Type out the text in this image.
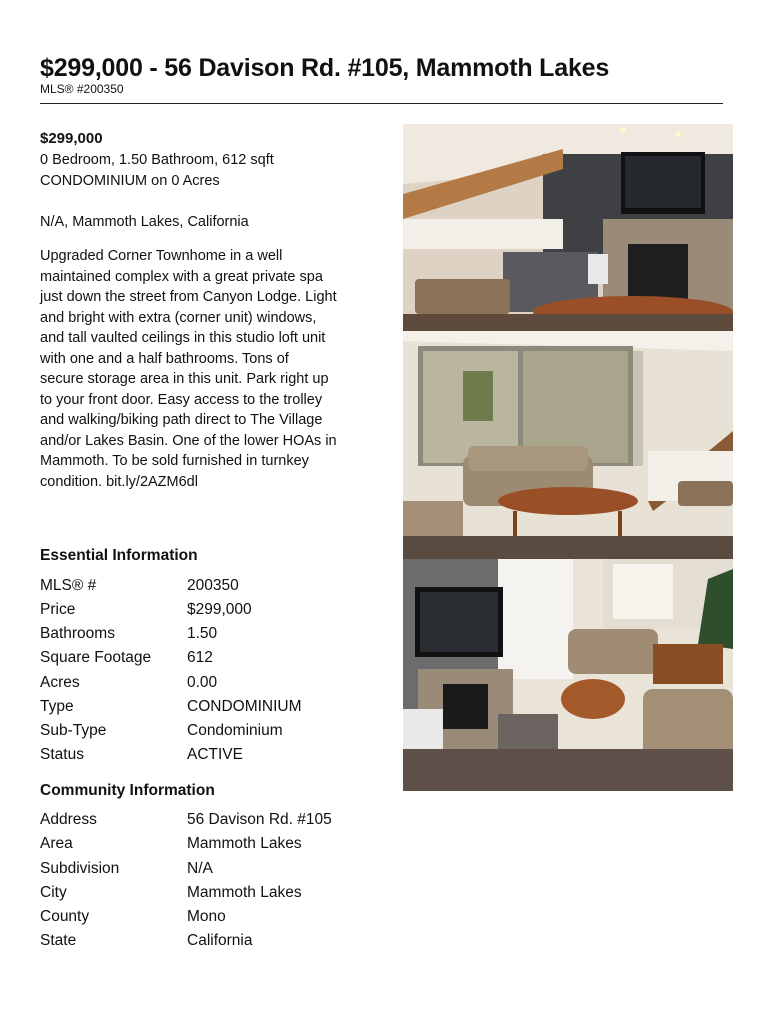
$299,000 - 56 Davison Rd. #105, Mammoth Lakes
MLS® #200350
$299,000
0 Bedroom, 1.50 Bathroom, 612 sqft
CONDOMINIUM on 0 Acres
N/A, Mammoth Lakes, California
Upgraded Corner Townhome in a well
maintained complex with a great private spa
just down the street from Canyon Lodge. Light
and bright with extra (corner unit) windows,
and tall vaulted ceilings in this studio loft unit
with one and a half bathrooms. Tons of
secure storage area in this unit. Park right up
to your front door. Easy access to the trolley
and walking/biking path direct to The Village
and/or Lakes Basin. One of the lower HOAs in
Mammoth. To be sold furnished in turnkey
condition. bit.ly/2AZM6dl
Essential Information
MLS® #	200350
Price	$299,000
Bathrooms	1.50
Square Footage 612
Acres	0.00
Type	CONDOMINIUM
Sub-Type	Condominium
Status	ACTIVE
Community Information
Address	56 Davison Rd. #105
Area	Mammoth Lakes
Subdivision	N/A
City	Mammoth Lakes
County	Mono
State	California
